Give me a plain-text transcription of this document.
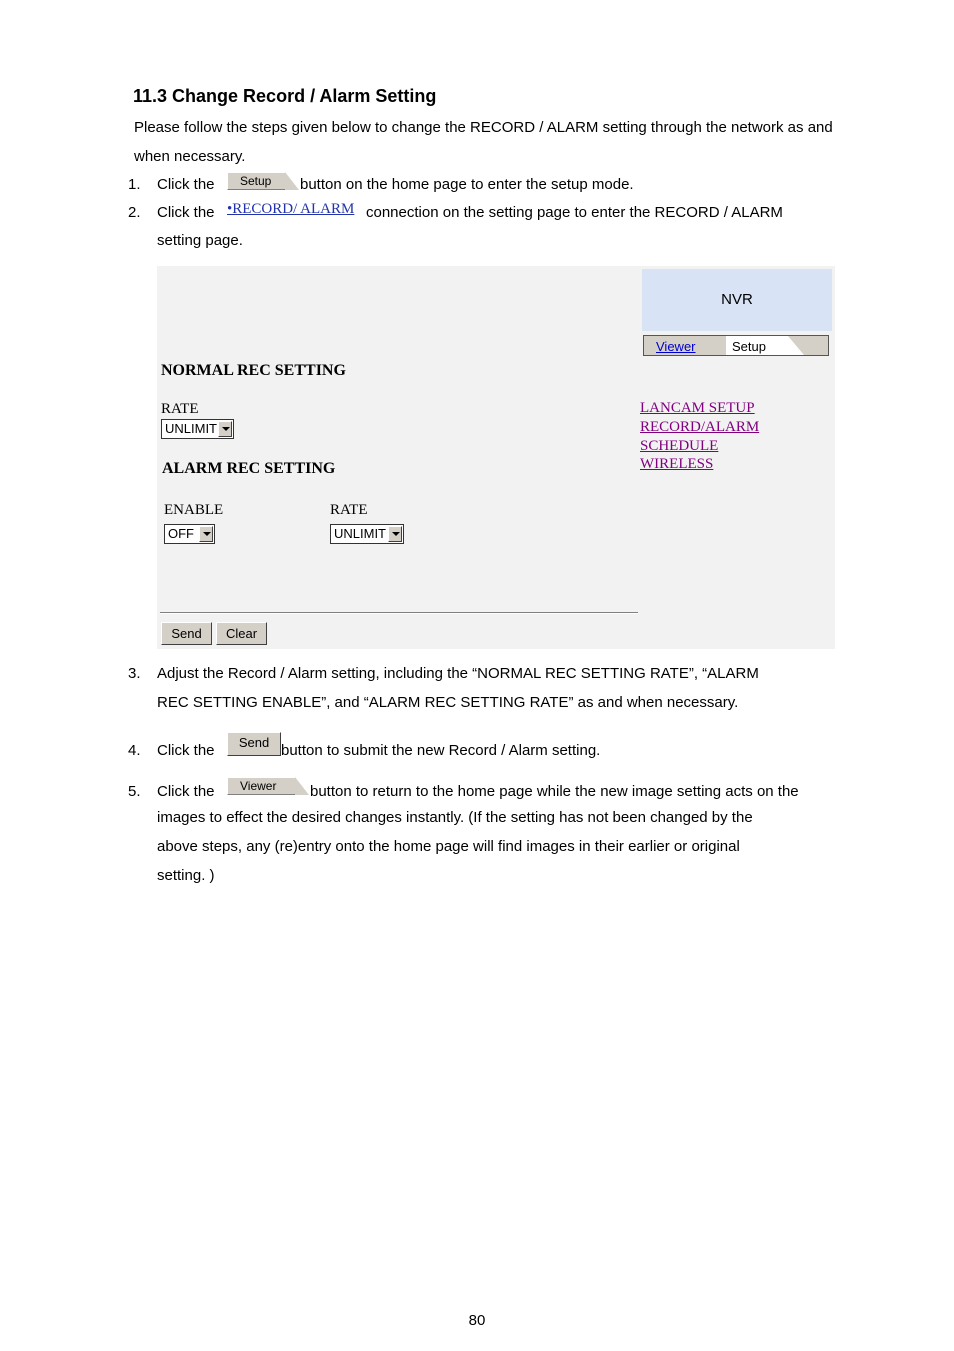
11.3 Change Record / Alarm Setting
Please follow the steps given below to change the RECORD / ALARM setting through the network as and when necessary.
1. Click the Setup button on the home page to enter the setup mode.
2. Click the •RECORD/ ALARM connection on the setting page to enter the RECORD / ALARM
setting page.
NVR
Viewer	Setup
NORMAL REC SETTING
RATE
UNLIMIT
ALARM REC SETTING
ENABLE
OFF
RATE
UNLIMIT
LANCAM SETUP
RECORD/ALARM
SCHEDULE
WIRELESS
Send	Clear
3. Adjust the Record / Alarm setting, including the “NORMAL REC SETTING RATE”, “ALARM
REC SETTING ENABLE”, and “ALARM REC SETTING RATE” as and when necessary.
4. Click the	Send button to submit the new Record / Alarm setting.
5. Click the Viewer button to return to the home page while the new image setting acts on the
images to effect the desired changes instantly. (If the setting has not been changed by the
above steps, any (re)entry onto the home page will find images in their earlier or original
setting. )
80
